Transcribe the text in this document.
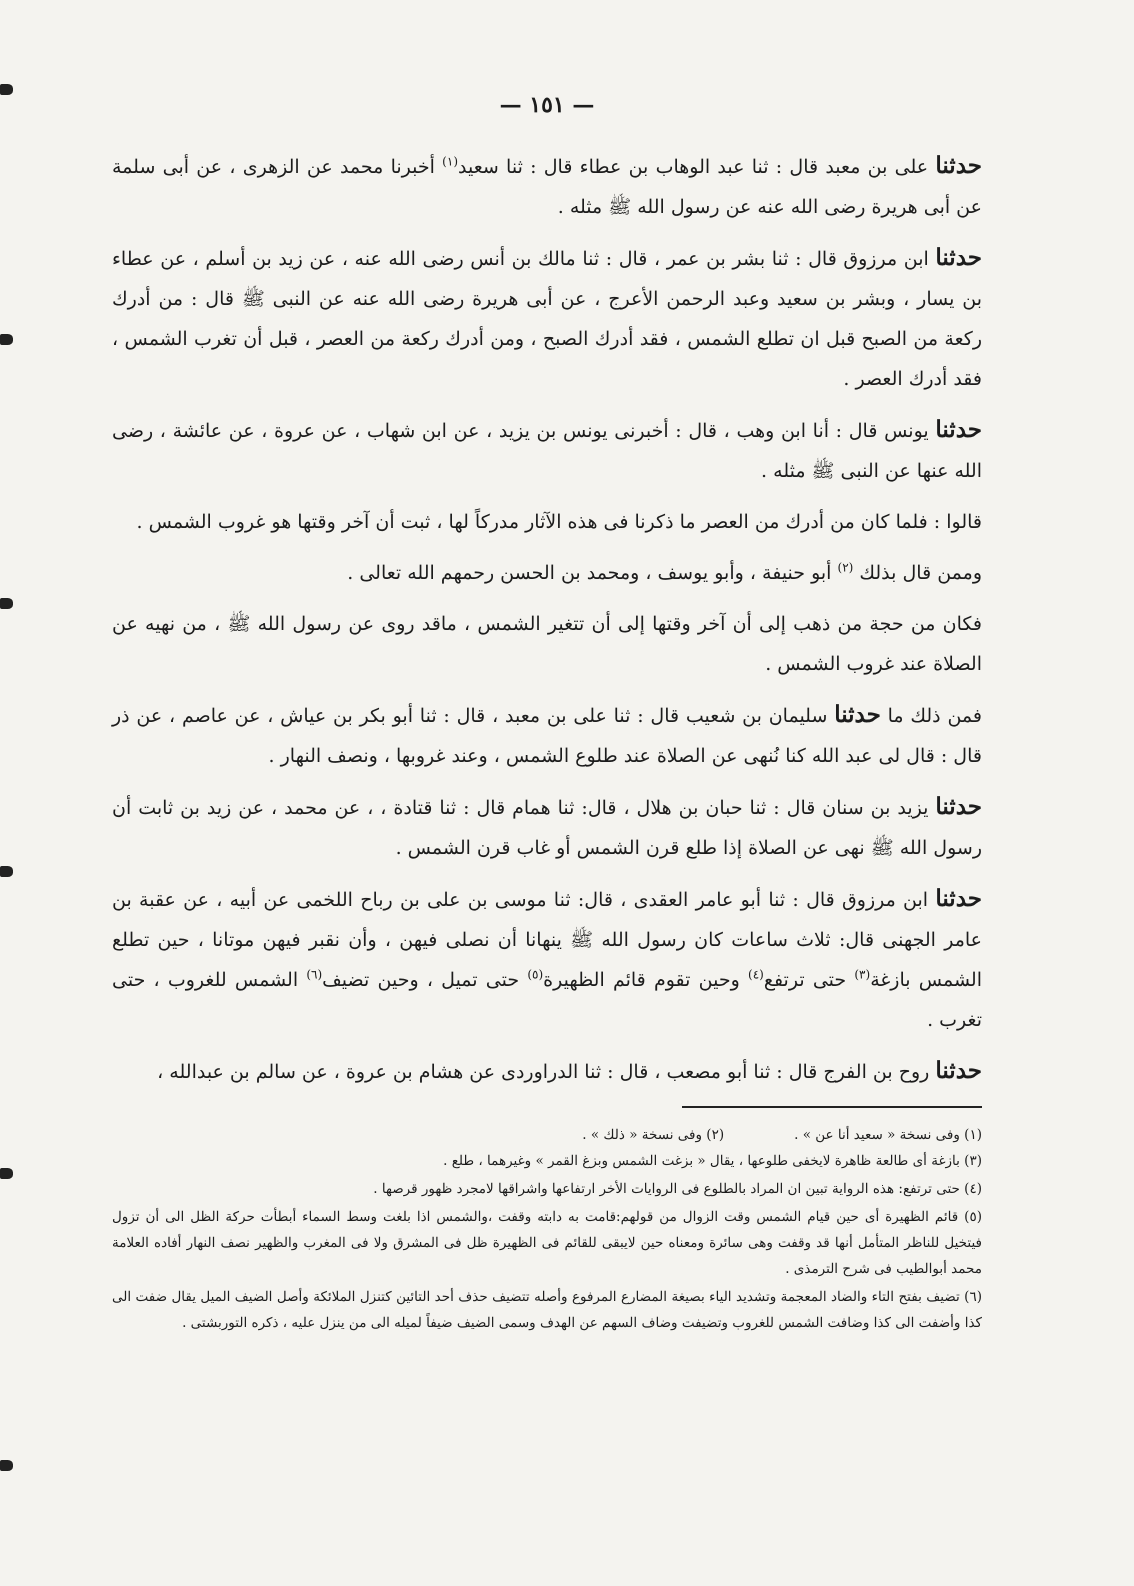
— ١٥١ —

حدثنا علی بن معبد قال : ثنا عبد الوهاب بن عطاء قال : ثنا سعيد$^{(١)}$ أخبرنا محمد عن الزهری ، عن أبی سلمة عن أبی هريرة رضى الله عنه عن رسول الله ﷺ مثله .

حدثنا ابن مرزوق قال : ثنا بشر بن عمر ، قال : ثنا مالك بن أنس رضى الله عنه ، عن زيد بن أسلم ، عن عطاء بن يسار ، وبشر بن سعيد وعبد الرحمن الأعرج ، عن أبى هريرة رضى الله عنه عن النبى ﷺ قال : من أدرك ركعة من الصبح قبل ان تطلع الشمس ، فقد أدرك الصبح ، ومن أدرك ركعة من العصر ، قبل أن تغرب الشمس ، فقد أدرك العصر .

حدثنا يونس قال : أنا ابن وهب ، قال : أخبرنى يونس بن يزيد ، عن ابن شهاب ، عن عروة ، عن عائشة ، رضى الله عنها عن النبى ﷺ مثله .

قالوا : فلما كان من أدرك من العصر ما ذكرنا فى هذه الآثار مدركاً لها ، ثبت أن آخر وقتها هو غروب الشمس .

وممن قال بذلك $^{(٢)}$ أبو حنيفة ، وأبو يوسف ، ومحمد بن الحسن رحمهم الله تعالى .

فكان من حجة من ذهب إلى أن آخر وقتها إلى أن تتغير الشمس ، ماقد روى عن رسول الله ﷺ ، من نهيه عن الصلاة عند غروب الشمس .

فمن ذلك ما حدثنا سليمان بن شعيب قال : ثنا على بن معبد ، قال : ثنا أبو بكر بن عياش ، عن عاصم ، عن ذر قال : قال لى عبد الله كنا نُنهى عن الصلاة عند طلوع الشمس ، وعند غروبها ، ونصف النهار .

حدثنا يزيد بن سنان قال : ثنا حبان بن هلال ، قال: ثنا همام قال : ثنا قتادة ، ، عن محمد ، عن زيد بن ثابت أن رسول الله ﷺ نهى عن الصلاة إذا طلع قرن الشمس أو غاب قرن الشمس .

حدثنا ابن مرزوق قال : ثنا أبو عامر العقدى ، قال: ثنا موسى بن على بن رباح اللخمى عن أبيه ، عن عقبة بن عامر الجهنى قال: ثلاث ساعات كان رسول الله ﷺ ينهانا أن نصلى فيهن ، وأن نقبر فيهن موتانا ، حين تطلع الشمس بازغة$^{(٣)}$ حتى ترتفع$^{(٤)}$ وحين تقوم قائم الظهيرة$^{(٥)}$ حتى تميل ، وحين تضيف$^{(٦)}$ الشمس للغروب ، حتى تغرب .

حدثنا روح بن الفرج قال : ثنا أبو مصعب ، قال : ثنا الدراوردى عن هشام بن عروة ، عن سالم بن عبدالله ،

(١) وفى نسخة « سعيد أنا عن » .
(٢) وفى نسخة « ذلك » .

(٣) بازغة أى طالعة ظاهرة لايخفى طلوعها ، يقال « بزغت الشمس وبزغ القمر » وغيرهما ، طلع .

(٤) حتى ترتفع: هذه الرواية تبين ان المراد بالطلوع فى الروايات الأخر ارتفاعها واشراقها لامجرد ظهور قرصها .

(٥) قائم الظهيرة أى حين قيام الشمس وقت الزوال من قولهم:قامت به دابته وقفت ،والشمس اذا بلغت وسط السماء أبطأت حركة الظل الى أن تزول فيتخيل للناظر المتأمل أنها قد وقفت وهى سائرة ومعناه حين لايبقى للقائم فى الظهيرة ظل فى المشرق ولا فى المغرب والظهير نصف النهار أفاده العلامة محمد أبوالطيب فى شرح الترمذى .

(٦) تضيف بفتح التاء والضاد المعجمة وتشديد الياء بصيغة المضارع المرفوع وأصله تتضيف حذف أحد التائين كتنزل الملائكة وأصل الضيف الميل يقال ضفت الى كذا وأضفت الى كذا وضافت الشمس للغروب وتضيفت وضاف السهم عن الهدف وسمى الضيف ضيفاً لميله الى من ينزل عليه ، ذكره التوربشتى .
